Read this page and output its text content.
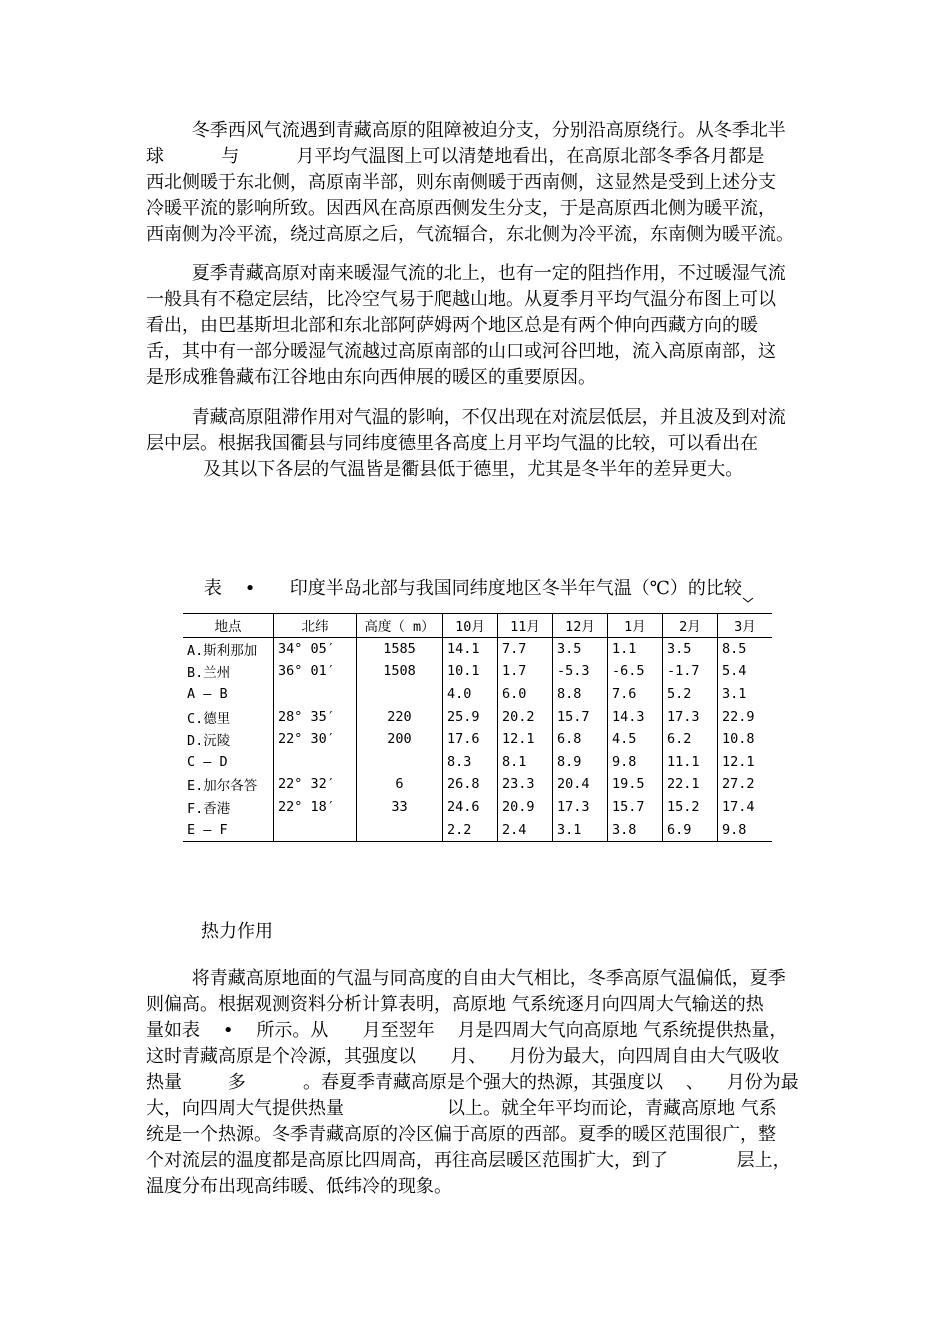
冬季西风气流遇到青藏高原的阻障被迫分支，分别沿高原绕行。从冬季北半
球          与          月平均气温图上可以清楚地看出，在高原北部冬季各月都是
西北侧暖于东北侧，高原南半部，则东南侧暖于西南侧，这显然是受到上述分支
冷暖平流的影响所致。因西风在高原西侧发生分支，于是高原西北侧为暖平流，
西南侧为冷平流，绕过高原之后，气流辐合，东北侧为冷平流，东南侧为暖平流。
夏季青藏高原对南来暖湿气流的北上，也有一定的阻挡作用，不过暖湿气流
一般具有不稳定层结，比冷空气易于爬越山地。从夏季月平均气温分布图上可以
看出，由巴基斯坦北部和东北部阿萨姆两个地区总是有两个伸向西藏方向的暖
舌，其中有一部分暖湿气流越过高原南部的山口或河谷凹地，流入高原南部，这
是形成雅鲁藏布江谷地由东向西伸展的暖区的重要原因。
青藏高原阻滞作用对气温的影响，不仅出现在对流层低层，并且波及到对流
层中层。根据我国衢县与同纬度德里各高度上月平均气温的比较，可以看出在
及其以下各层的气温皆是衢县低于德里，尤其是冬半年的差异更大。

表    •      印度半岛北部与我国同纬度地区冬半年气温（℃）的比较

地点	北纬	高度（ m）	10月	11月	12月	1月	2月	3月
A.斯利那加	34° 05′	1585	14.1	7.7	3.5	1.1	3.5	8.5
B.兰州	36° 01′	1508	10.1	1.7	-5.3	-6.5	-1.7	5.4
A — B			4.0	6.0	8.8	7.6	5.2	3.1
C.德里	28° 35′	220	25.9	20.2	15.7	14.3	17.3	22.9
D.沅陵	22° 30′	200	17.6	12.1	6.8	4.5	6.2	10.8
C — D			8.3	8.1	8.9	9.8	11.1	12.1
E.加尔各答	22° 32′	6	26.8	23.3	20.4	19.5	22.1	27.2
F.香港	22° 18′	33	24.6	20.9	17.3	15.7	15.2	17.4
E — F			2.2	2.4	3.1	3.8	6.9	9.8
热力作用
将青藏高原地面的气温与同高度的自由大气相比，冬季高原气温偏低，夏季
则偏高。根据观测资料分析计算表明，高原地 气系统逐月向四周大气输送的热
量如表    •    所示。从      月至翌年    月是四周大气向高原地 气系统提供热量，
这时青藏高原是个冷源，其强度以      月、    月份为最大，向四周自由大气吸收
热量        多          。春夏季青藏高原是个强大的热源，其强度以    、    月份为最
大，向四周大气提供热量                  以上。就全年平均而论，青藏高原地 气系
统是一个热源。冬季青藏高原的冷区偏于高原的西部。夏季的暖区范围很广，整
个对流层的温度都是高原比四周高，再往高层暖区范围扩大，到了            层上，
温度分布出现高纬暖、低纬冷的现象。
